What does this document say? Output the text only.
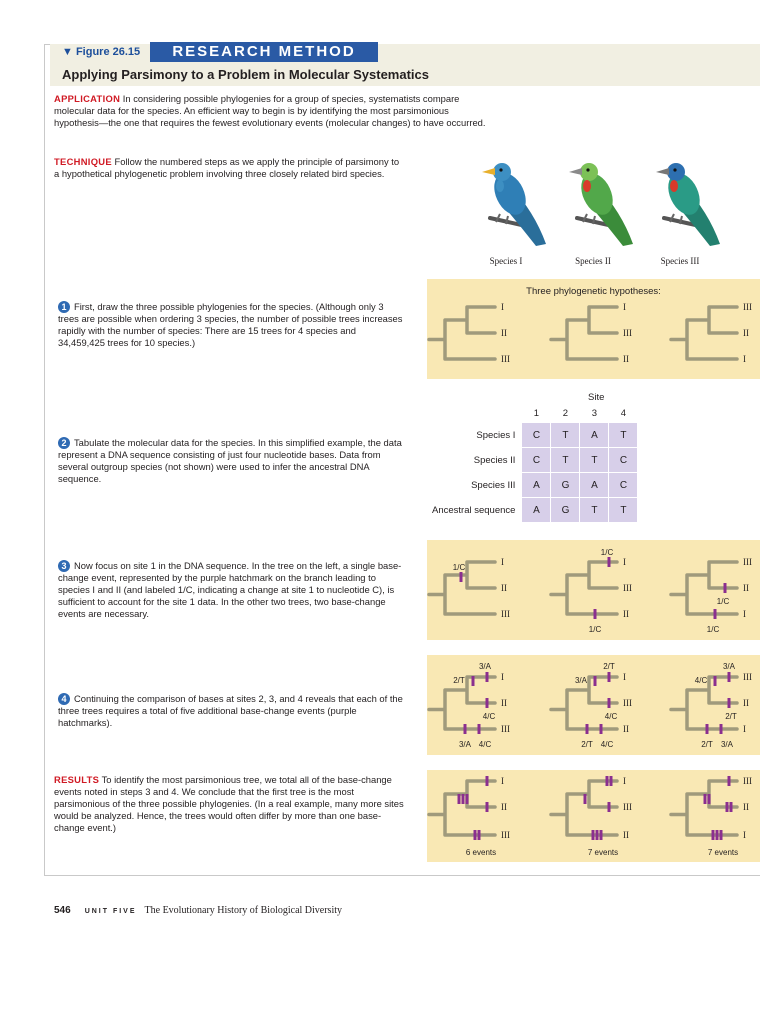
▼ Figure 26.15	RESEARCH METHOD
Applying Parsimony to a Problem in Molecular Systematics
APPLICATION In considering possible phylogenies for a group of species, systematists compare molecular data for the species. An efficient way to begin is by identifying the most parsimonious hypothesis—the one that requires the fewest evolutionary events (molecular changes) to have occurred.
TECHNIQUE Follow the numbered steps as we apply the principle of parsimony to a hypothetical phylogenetic problem involving three closely related bird species.
Species I	Species II	Species III
1 First, draw the three possible phylogenies for the species. (Although only 3 trees are possible when ordering 3 species, the number of possible trees increases rapidly with the number of species: There are 15 trees for 4 species and 34,459,425 trees for 10 species.)
2 Tabulate the molecular data for the species. In this simplified example, the data represent a DNA sequence consisting of just four nucleotide bases. Data from several outgroup species (not shown) were used to infer the ancestral DNA sequence.
3 Now focus on site 1 in the DNA sequence. In the tree on the left, a single base-change event, represented by the purple hatchmark on the branch leading to species I and II (and labeled 1/C, indicating a change at site 1 to nucleotide C), is sufficient to account for the site 1 data. In the other two trees, two base-change events are necessary.
4 Continuing the comparison of bases at sites 2, 3, and 4 reveals that each of the three trees requires a total of five additional base-change events (purple hatchmarks).
RESULTS To identify the most parsimonious tree, we total all of the base-change events noted in steps 3 and 4. We conclude that the first tree is the most parsimonious of the three possible phylogenies. (In a real example, many more sites would be analyzed. Hence, the trees would often differ by more than one base-change event.)
Three phylogenetic hypotheses:
I
II
III
I
III
II
III
II
I
Site
	1	2	3	4
Species I	C	T	A	T
Species II	C	T	T	C
Species III	A	G	A	C
Ancestral sequence	A	G	T	T
I
II
III
1/C
I
III
II
1/C
1/C
III
II
I
1/C
1/C
I
II
III
3/A
2/T
4/C
3/A 4/C
I
III
II
2/T
3/A
4/C
2/T 4/C
III
II
I
3/A
4/C
2/T
2/T 3/A
I
II
III
6 events
I
III
II
7 events
III
II
I
7 events
546 UNIT FIVE The Evolutionary History of Biological Diversity
